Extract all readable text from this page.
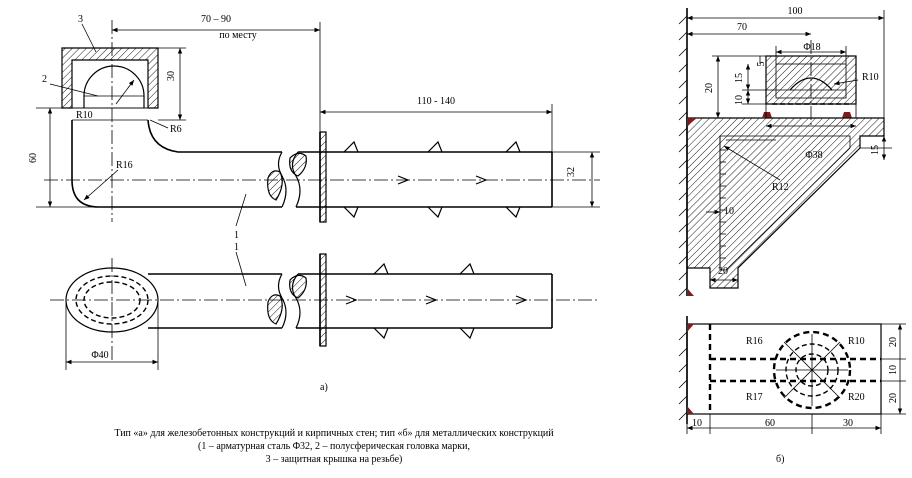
70 – 90
по месту
110 - 140
30
60
32
R10
R6
R16
3
2
1
Φ40
1
а)
100
70
Φ18
5
15
10
20
R10
Φ38
R12
15
10
20
R16	R10
R17	R20
20
10
20
10	60	30
б)
Тип «а» для железобетонных конструкций и кирпичных стен; тип «б» для металлических конструкций
(1 – арматурная сталь Φ32, 2 – полусферическая головка марки,
3 – защитная крышка на резьбе)
